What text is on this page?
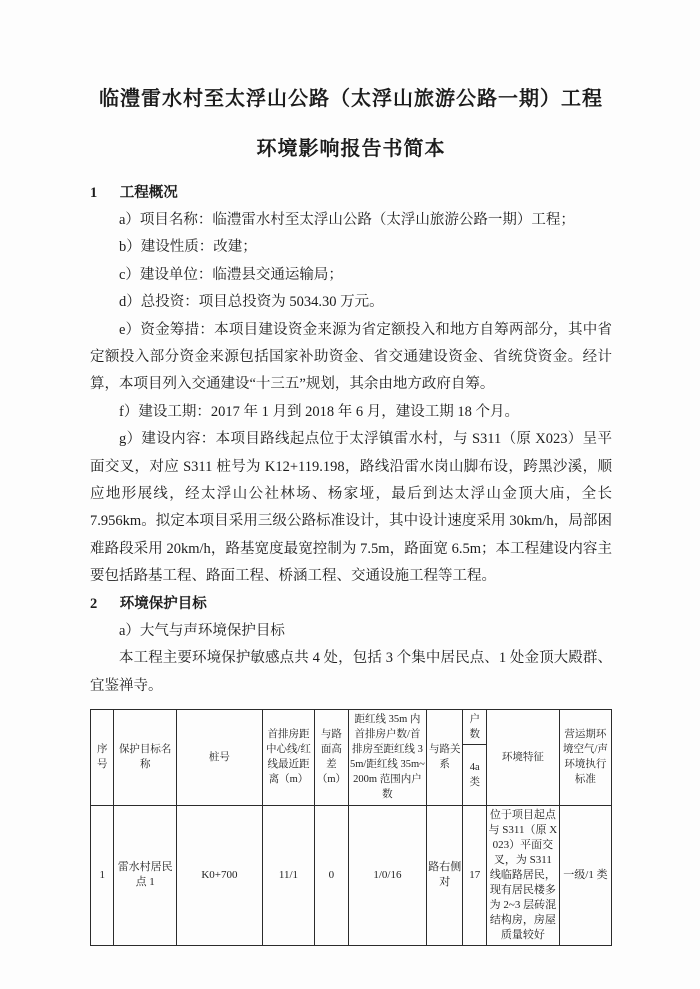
临澧雷水村至太浮山公路（太浮山旅游公路一期）工程
环境影响报告书简本
1 工程概况

a）项目名称：临澧雷水村至太浮山公路（太浮山旅游公路一期）工程；

b）建设性质：改建；

c）建设单位：临澧县交通运输局；

d）总投资：项目总投资为 5034.30 万元。

e）资金筹措：本项目建设资金来源为省定额投入和地方自筹两部分，其中省定额投入部分资金来源包括国家补助资金、省交通建设资金、省统贷资金。经计算，本项目列入交通建设“十三五”规划，其余由地方政府自筹。

f）建设工期：2017 年 1 月到 2018 年 6 月，建设工期 18 个月。

g）建设内容：本项目路线起点位于太浮镇雷水村，与 S311（原 X023）呈平面交叉，对应 S311 桩号为 K12+119.198，路线沿雷水岗山脚布设，跨黑沙溪，顺应地形展线，经太浮山公社林场、杨家垭，最后到达太浮山金顶大庙，全长 7.956km。拟定本项目采用三级公路标准设计，其中设计速度采用 30km/h，局部困难路段采用 20km/h，路基宽度最宽控制为 7.5m，路面宽 6.5m；本工程建设内容主要包括路基工程、路面工程、桥涵工程、交通设施工程等工程。

2 环境保护目标

a）大气与声环境保护目标

本工程主要环境保护敏感点共 4 处，包括 3 个集中居民点、1 处金顶大殿群、宜鉴禅寺。

序号	保护目标名称	桩号	首排房距中心线/红线最近距离（m）	与路面高差（m）	距红线 35m 内首排房户数/首排房至距红线 35m/距红线 35m~200m 范围内户数	与路关系	户数	环境特征	营运期环境空气/声环境执行标准
							4a 类		
1	雷水村居民点 1	K0+700	11/1	0	1/0/16	路右侧对	17	位于项目起点与 S311（原 X023）平面交叉，为 S311 线临路居民，现有居民楼多为 2~3 层砖混结构房，房屋质量较好	一级/1 类
